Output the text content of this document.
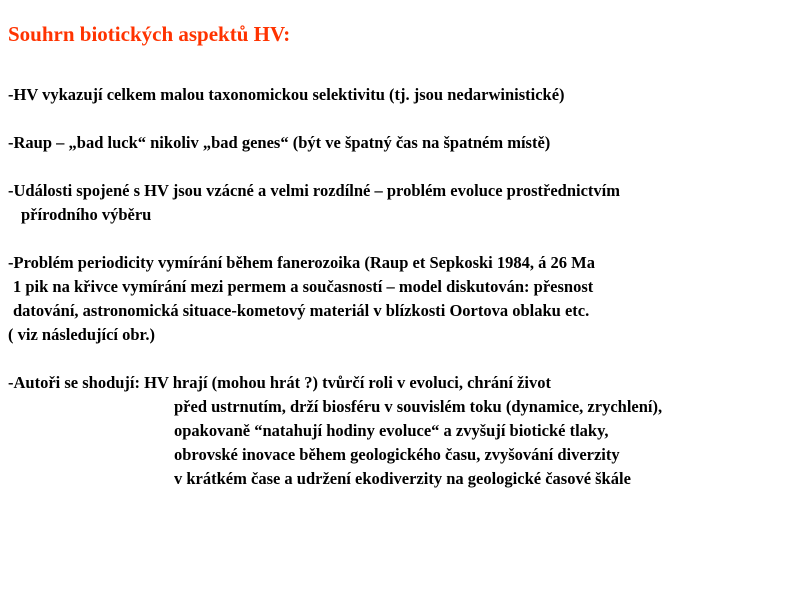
Souhrn biotických aspektů HV:
-HV vykazují celkem malou taxonomickou selektivitu (tj. jsou nedarwinistické)
-Raup – „bad luck“ nikoliv „bad genes“ (být ve špatný čas na špatném místě)
-Události spojené s HV jsou vzácné a velmi rozdílné – problém evoluce prostřednictvím
přírodního výběru
-Problém periodicity vymírání během fanerozoika (Raup et Sepkoski 1984, á 26 Ma
1 pik na křivce vymírání mezi permem a současností – model diskutován: přesnost
datování, astronomická situace-kometový materiál v blízkosti Oortova oblaku etc.
( viz následující obr.)
-Autoři se shodují: HV hrají (mohou hrát ?) tvůrčí roli v evoluci, chrání život
před ustrnutím, drží biosféru v souvislém toku (dynamice, zrychlení),
opakovaně “natahují hodiny evoluce“ a zvyšují biotické tlaky,
obrovské inovace během geologického času, zvyšování diverzity
v krátkém čase a udržení ekodiverzity na geologické časové škále
